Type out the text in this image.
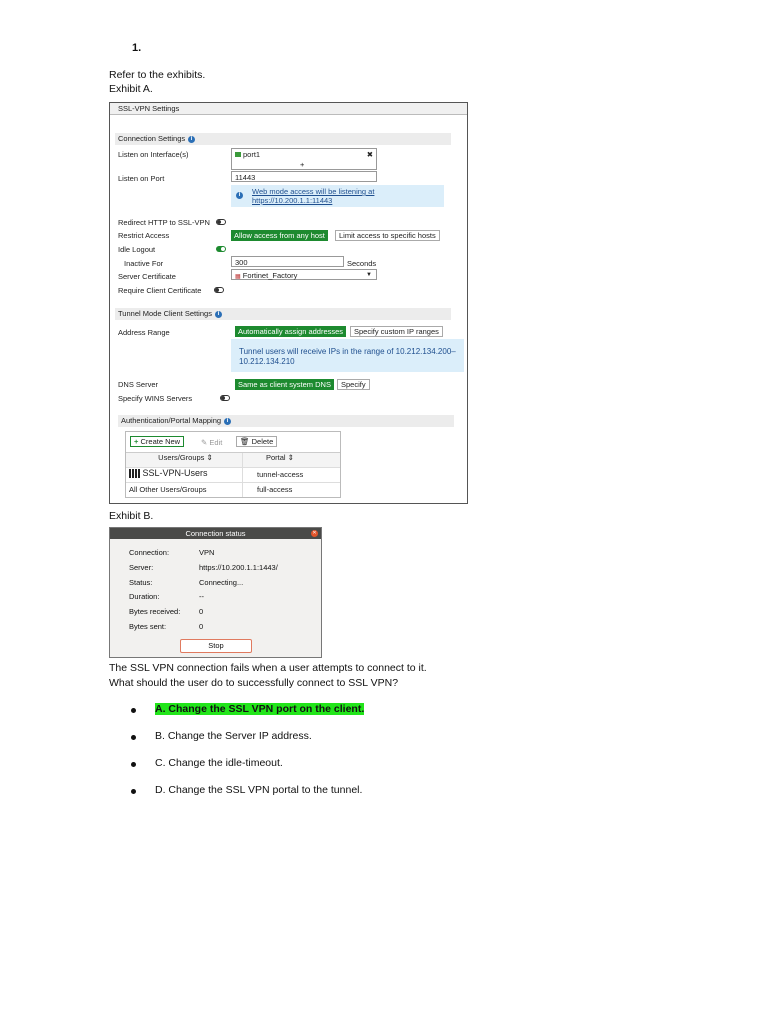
1.
Refer to the exhibits.
Exhibit A.
SSL-VPN Settings
Connection Settings i
Listen on Interface(s)	port1	✖
+
Listen on Port	11443
i	Web mode access will be listening at
https://10.200.1.1:11443
Redirect HTTP to SSL-VPN
Restrict Access	Allow access from any host	Limit access to specific hosts
Idle Logout
Inactive For	300	Seconds
Server Certificate	▦ Fortinet_Factory	▼
Require Client Certificate
Tunnel Mode Client Settings i
Address Range	Automatically assign addresses	Specify custom IP ranges
Tunnel users will receive IPs in the range of 10.212.134.200–
10.212.134.210
DNS Server	Same as client system DNS	Specify
Specify WINS Servers
Authentication/Portal Mapping i
+ Create New	✎ Edit	🗑 Delete
Users/Groups ⇕	Portal ⇕
SSL-VPN-Users	tunnel-access
All Other Users/Groups	full-access
Exhibit B.
Connection status	✕
Connection:	VPN
Server:	https://10.200.1.1:1443/
Status:	Connecting...
Duration:	--
Bytes received: 0
Bytes sent:	0
Stop
The SSL VPN connection fails when a user attempts to connect to it.
What should the user do to successfully connect to SSL VPN?
A. Change the SSL VPN port on the client.
B. Change the Server IP address.
C. Change the idle-timeout.
D. Change the SSL VPN portal to the tunnel.
